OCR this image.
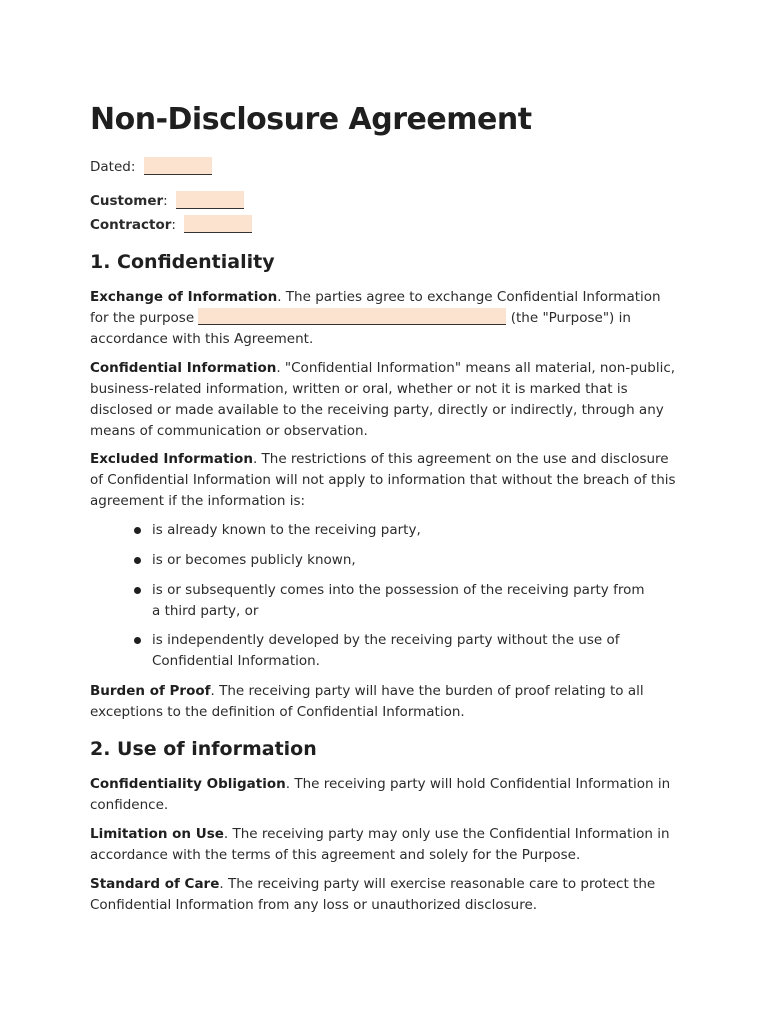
Non-Disclosure Agreement
Dated:
Customer:
Contractor:
1. Confidentiality

Exchange of Information. The parties agree to exchange Confidential Information for the purpose	(the "Purpose") in accordance with this Agreement.

Confidential Information. "Confidential Information" means all material, non-public, business-related information, written or oral, whether or not it is marked that is disclosed or made available to the receiving party, directly or indirectly, through any means of communication or observation.

Excluded Information. The restrictions of this agreement on the use and disclosure of Confidential Information will not apply to information that without the breach of this agreement if the information is:

is already known to the receiving party,
is or becomes publicly known,
is or subsequently comes into the possession of the receiving party from a third party, or
is independently developed by the receiving party without the use of Confidential Information.

Burden of Proof. The receiving party will have the burden of proof relating to all exceptions to the definition of Confidential Information.

2. Use of information

Confidentiality Obligation. The receiving party will hold Confidential Information in confidence.

Limitation on Use. The receiving party may only use the Confidential Information in accordance with the terms of this agreement and solely for the Purpose.

Standard of Care. The receiving party will exercise reasonable care to protect the Confidential Information from any loss or unauthorized disclosure.
